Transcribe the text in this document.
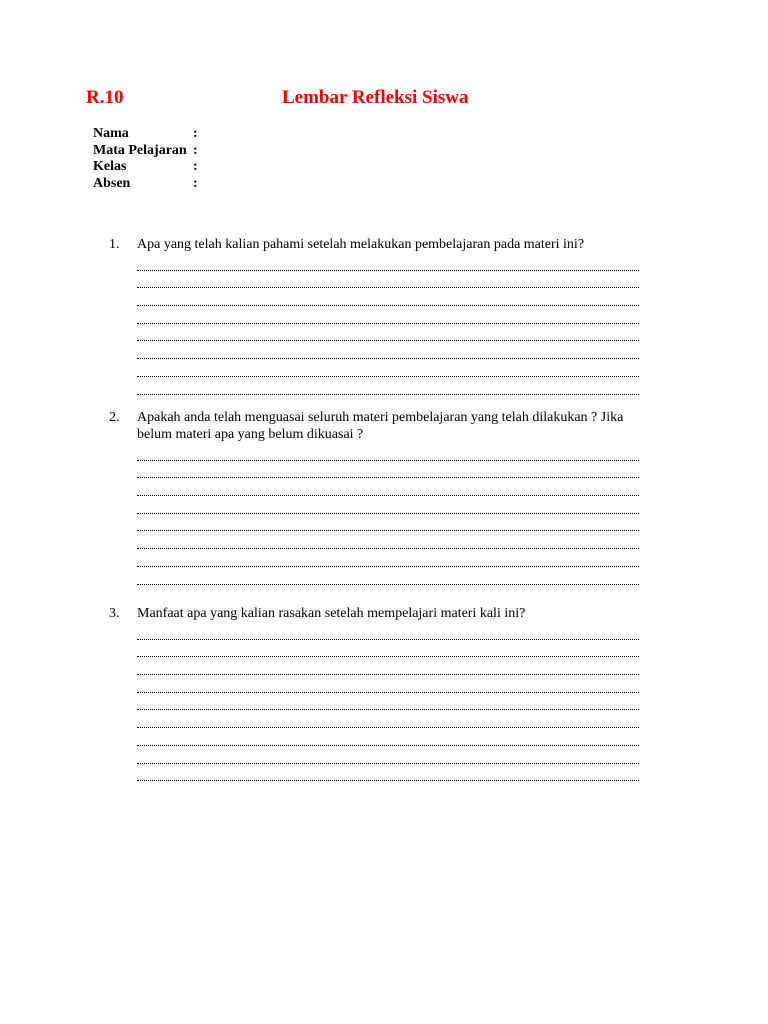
R.10	Lembar Refleksi Siswa
Nama	:
Mata Pelajaran :
Kelas	:
Absen	:
1. Apa yang telah kalian pahami setelah melakukan pembelajaran pada materi ini?
2. Apakah anda telah menguasai seluruh materi pembelajaran yang telah dilakukan ? Jika belum materi apa yang belum dikuasai ?
3. Manfaat apa yang kalian rasakan setelah mempelajari materi kali ini?
